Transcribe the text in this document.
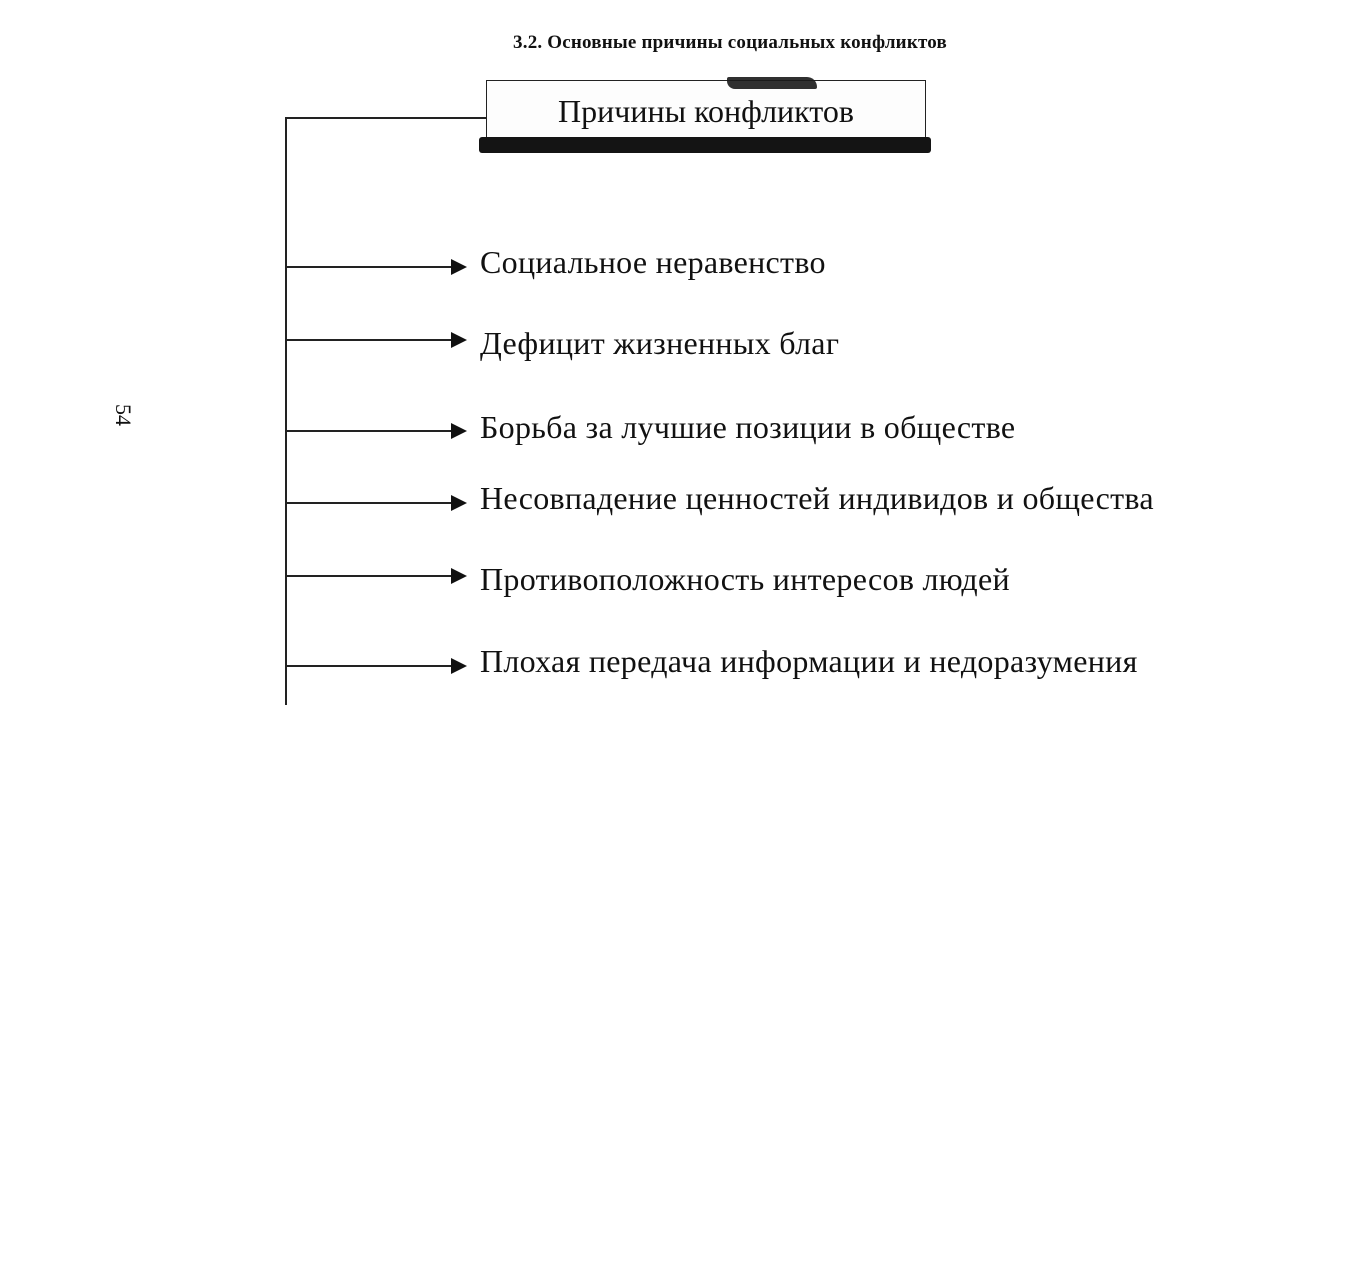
3.2. Основные причины социальных конфликтов
54
Причины конфликтов
Социальное неравенство
Дефицит жизненных благ
Борьба за лучшие позиции в обществе
Несовпадение ценностей индивидов и общества
Противоположность интересов людей
Плохая передача информации и недоразумения
